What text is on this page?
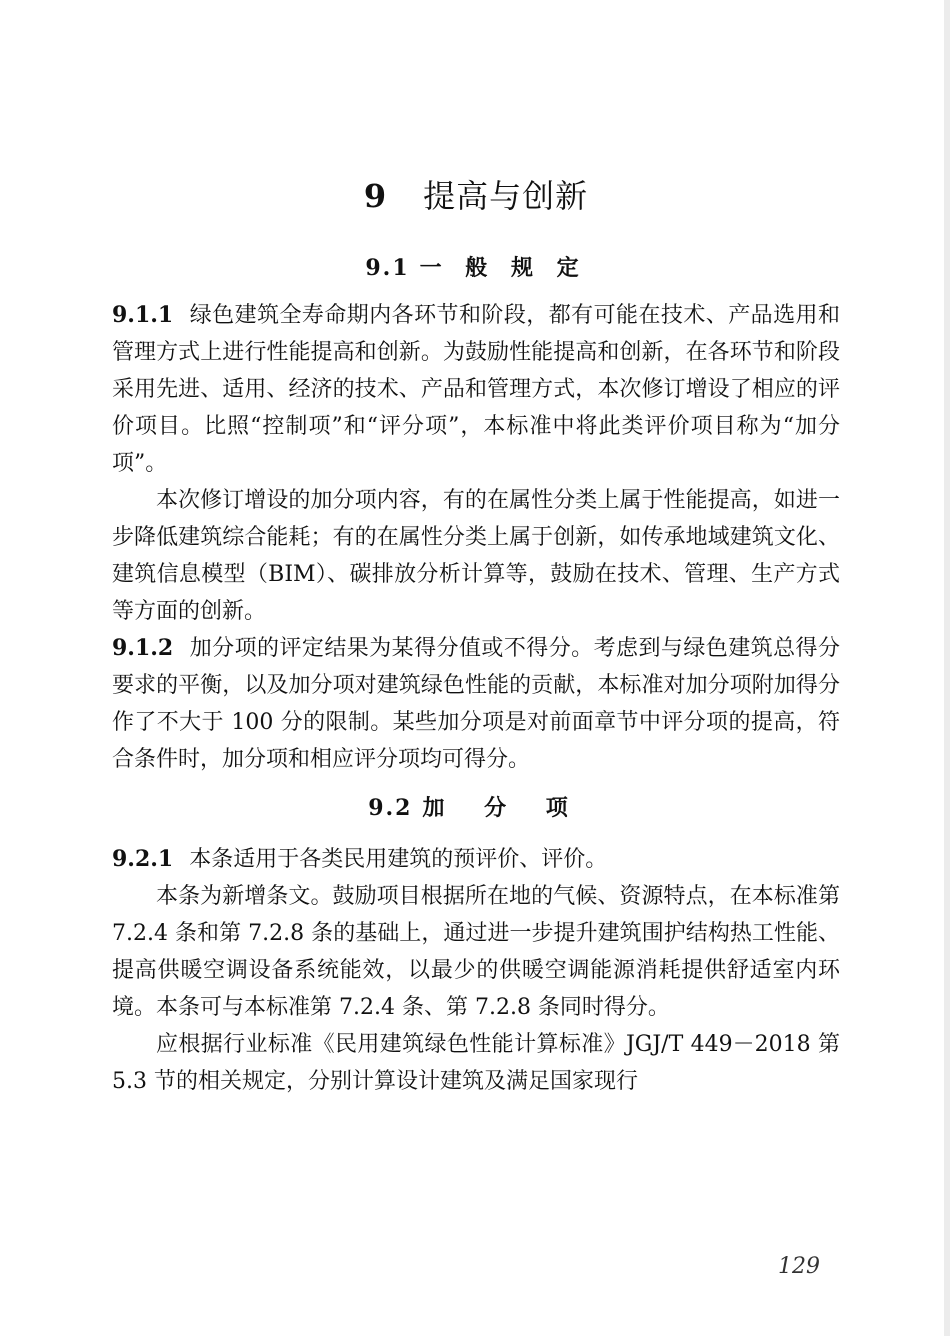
9 提高与创新
9.1 一 般 规 定

9.1.1 绿色建筑全寿命期内各环节和阶段，都有可能在技术、产品选用和管理方式上进行性能提高和创新。为鼓励性能提高和创新，在各环节和阶段采用先进、适用、经济的技术、产品和管理方式，本次修订增设了相应的评价项目。比照“控制项”和“评分项”，本标准中将此类评价项目称为“加分项”。

本次修订增设的加分项内容，有的在属性分类上属于性能提高，如进一步降低建筑综合能耗；有的在属性分类上属于创新，如传承地域建筑文化、建筑信息模型（BIM）、碳排放分析计算等，鼓励在技术、管理、生产方式等方面的创新。

9.1.2 加分项的评定结果为某得分值或不得分。考虑到与绿色建筑总得分要求的平衡，以及加分项对建筑绿色性能的贡献，本标准对加分项附加得分作了不大于 100 分的限制。某些加分项是对前面章节中评分项的提高，符合条件时，加分项和相应评分项均可得分。

9.2 加 分 项

9.2.1 本条适用于各类民用建筑的预评价、评价。

本条为新增条文。鼓励项目根据所在地的气候、资源特点，在本标准第 7.2.4 条和第 7.2.8 条的基础上，通过进一步提升建筑围护结构热工性能、提高供暖空调设备系统能效，以最少的供暖空调能源消耗提供舒适室内环境。本条可与本标准第 7.2.4 条、第 7.2.8 条同时得分。

应根据行业标准《民用建筑绿色性能计算标准》JGJ/T 449－2018 第 5.3 节的相关规定，分别计算设计建筑及满足国家现行

129
